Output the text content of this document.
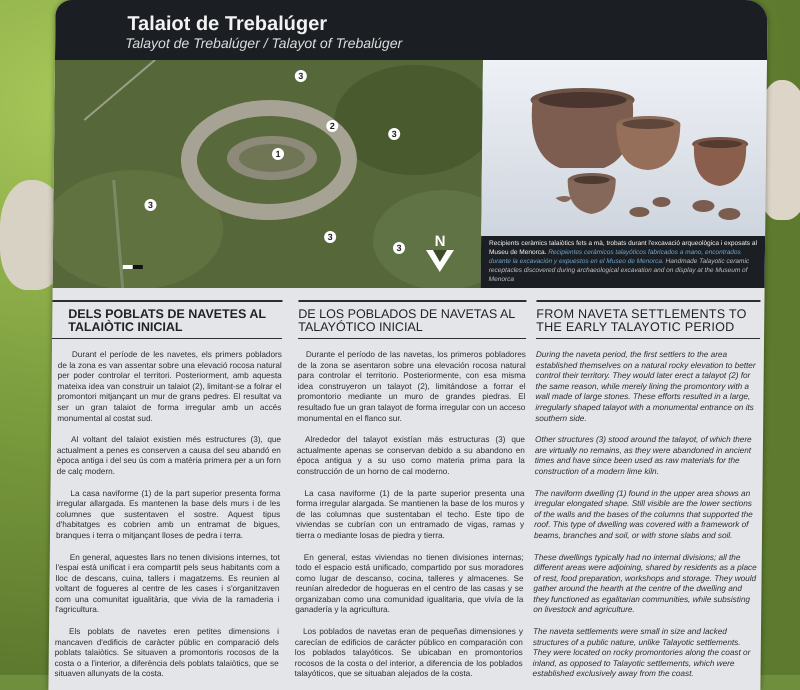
Talaiot de Trebalúger
Talayot de Trebalúger / Talayot of Trebalúger
1
2
3
3
3
3
3 N	Recipients ceràmics talaiòtics fets a mà, trobats durant l'excavació arqueològica i exposats al Museu de Menorca. Recipientes cerámicos talayóticos fabricados a mano, encontrados durante la excavación y expuestos en el Museo de Menorca. Handmade Talayotic ceramic receptacles discovered during archaeological excavation and on display at the Museum of Menorca
DELS POBLATS DE NAVETES AL TALAIÒTIC INICIAL

Durant el període de les navetes, els primers pobladors de la zona es van assentar sobre una elevació rocosa natural per poder controlar el territori. Posteriorment, amb aquesta mateixa idea van construir un talaiot (2), limitant-se a folrar el promontori mitjançant un mur de grans pedres. El resultat va ser un gran talaiot de forma irregular amb un accés monumental al costat sud.

Al voltant del talaiot existien més estructures (3), que actualment a penes es conserven a causa del seu abandó en època antiga i del seu ús com a matèria primera per a un forn de calç modern.

La casa naviforme (1) de la part superior presenta forma irregular allargada. Es mantenen la base dels murs i de les columnes que sustentaven el sostre. Aquest tipus d'habitatges es cobrien amb un entramat de bigues, branques i terra o mitjançant lloses de pedra i terra.

En general, aquestes llars no tenen divisions internes, tot l'espai està unificat i era compartit pels seus habitants com a lloc de descans, cuina, tallers i magatzems. Es reunien al voltant de fogueres al centre de les cases i s'organitzaven com una comunitat igualitària, que vivia de la ramaderia i l'agricultura.

Els poblats de navetes eren petites dimensions i mancaven d'edificis de caràcter públic en comparació dels poblats talaiòtics. Se situaven a promontoris rocosos de la costa o a l'interior, a diferència dels poblats talaiòtics, que se situaven allunyats de la costa.

DE LOS POBLADOS DE NAVETAS AL TALAYÓTICO INICIAL

Durante el período de las navetas, los primeros pobladores de la zona se asentaron sobre una elevación rocosa natural para controlar el territorio. Posteriormente, con esa misma idea construyeron un talayot (2), limitándose a forrar el promontorio mediante un muro de grandes piedras. El resultado fue un gran talayot de forma irregular con un acceso monumental en el flanco sur.

Alrededor del talayot existían más estructuras (3) que actualmente apenas se conservan debido a su abandono en época antigua y a su uso como materia prima para la construcción de un horno de cal moderno.

La casa naviforme (1) de la parte superior presenta una forma irregular alargada. Se mantienen la base de los muros y de las columnas que sustentaban el techo. Este tipo de viviendas se cubrían con un entramado de vigas, ramas y tierra o mediante losas de piedra y tierra.

En general, estas viviendas no tienen divisiones internas; todo el espacio está unificado, compartido por sus moradores como lugar de descanso, cocina, talleres y almacenes. Se reunían alrededor de hogueras en el centro de las casas y se organizaban como una comunidad igualitaria, que vivía de la ganadería y la agricultura.

Los poblados de navetas eran de pequeñas dimensiones y carecían de edificios de carácter público en comparación con los poblados talayóticos. Se ubicaban en promontorios rocosos de la costa o del interior, a diferencia de los poblados talayóticos, que se situaban alejados de la costa.

FROM NAVETA SETTLEMENTS TO THE EARLY TALAYOTIC PERIOD

During the naveta period, the first settlers to the area established themselves on a natural rocky elevation to better control their territory. They would later erect a talayot (2) for the same reason, while merely lining the promontory with a wall made of large stones. These efforts resulted in a large, irregularly shaped talayot with a monumental entrance on its southern side.

Other structures (3) stood around the talayot, of which there are virtually no remains, as they were abandoned in ancient times and have since been used as raw materials for the construction of a modern lime kiln.

The naviform dwelling (1) found in the upper area shows an irregular elongated shape. Still visible are the lower sections of the walls and the bases of the columns that supported the roof. This type of dwelling was covered with a framework of beams, branches and soil, or with stone slabs and soil.

These dwellings typically had no internal divisions; all the different areas were adjoining, shared by residents as a place of rest, food preparation, workshops and storage. They would gather around the hearth at the centre of the dwelling and they functioned as egalitarian communities, while subsisting on livestock and agriculture.

The naveta settlements were small in size and lacked structures of a public nature, unlike Talayotic settlements. They were located on rocky promontories along the coast or inland, as opposed to Talayotic settlements, which were established exclusively away from the coast.
